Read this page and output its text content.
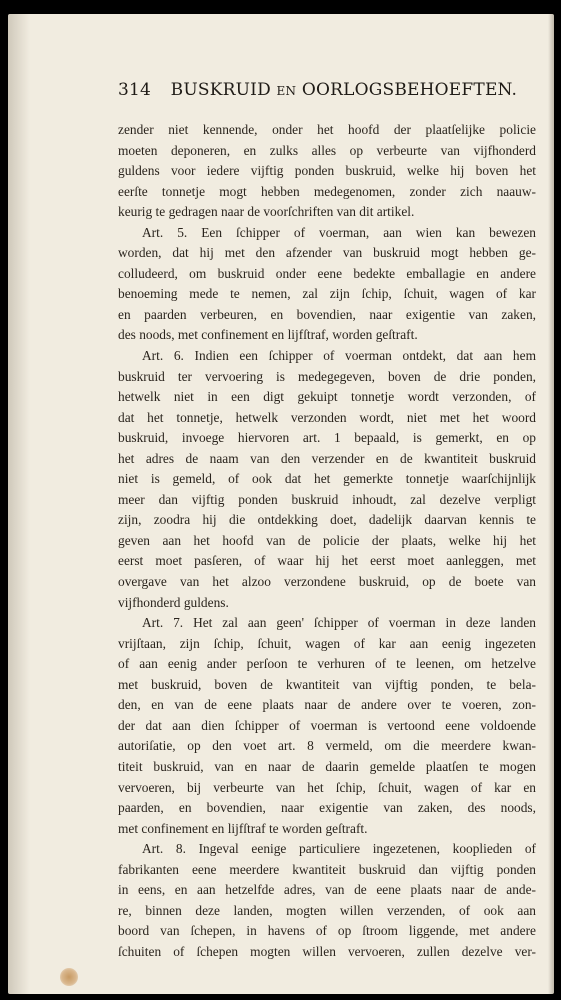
314 BUSKRUID EN OORLOGSBEHOEFTEN.
zender niet kennende, onder het hoofd der plaatſelijke policie
moeten deponeren, en zulks alles op verbeurte van vijfhonderd
guldens voor iedere vijftig ponden buskruid, welke hij boven het
eerſte tonnetje mogt hebben medegenomen, zonder zich naauw-
keurig te gedragen naar de voorſchriften van dit artikel.
Art. 5. Een ſchipper of voerman, aan wien kan bewezen
worden, dat hij met den afzender van buskruid mogt hebben ge-
colludeerd, om buskruid onder eene bedekte emballagie en andere
benoeming mede te nemen, zal zijn ſchip, ſchuit, wagen of kar
en paarden verbeuren, en bovendien, naar exigentie van zaken,
des noods, met confinement en lijfſtraf, worden geſtraft.
Art. 6. Indien een ſchipper of voerman ontdekt, dat aan hem
buskruid ter vervoering is medegegeven, boven de drie ponden,
hetwelk niet in een digt gekuipt tonnetje wordt verzonden, of
dat het tonnetje, hetwelk verzonden wordt, niet met het woord
buskruid, invoege hiervoren art. 1 bepaald, is gemerkt, en op
het adres de naam van den verzender en de kwantiteit buskruid
niet is gemeld, of ook dat het gemerkte tonnetje waarſchijnlijk
meer dan vijftig ponden buskruid inhoudt, zal dezelve verpligt
zijn, zoodra hij die ontdekking doet, dadelijk daarvan kennis te
geven aan het hoofd van de policie der plaats, welke hij het
eerst moet pasſeren, of waar hij het eerst moet aanleggen, met
overgave van het alzoo verzondene buskruid, op de boete van
vijfhonderd guldens.
Art. 7. Het zal aan geen' ſchipper of voerman in deze landen
vrijſtaan, zijn ſchip, ſchuit, wagen of kar aan eenig ingezeten
of aan eenig ander perſoon te verhuren of te leenen, om hetzelve
met buskruid, boven de kwantiteit van vijftig ponden, te bela-
den, en van de eene plaats naar de andere over te voeren, zon-
der dat aan dien ſchipper of voerman is vertoond eene voldoende
autoriſatie, op den voet art. 8 vermeld, om die meerdere kwan-
titeit buskruid, van en naar de daarin gemelde plaatſen te mogen
vervoeren, bij verbeurte van het ſchip, ſchuit, wagen of kar en
paarden, en bovendien, naar exigentie van zaken, des noods,
met confinement en lijfſtraf te worden geſtraft.
Art. 8. Ingeval eenige particuliere ingezetenen, kooplieden of
fabrikanten eene meerdere kwantiteit buskruid dan vijftig ponden
in eens, en aan hetzelfde adres, van de eene plaats naar de ande-
re, binnen deze landen, mogten willen verzenden, of ook aan
boord van ſchepen, in havens of op ſtroom liggende, met andere
ſchuiten of ſchepen mogten willen vervoeren, zullen dezelve ver-
